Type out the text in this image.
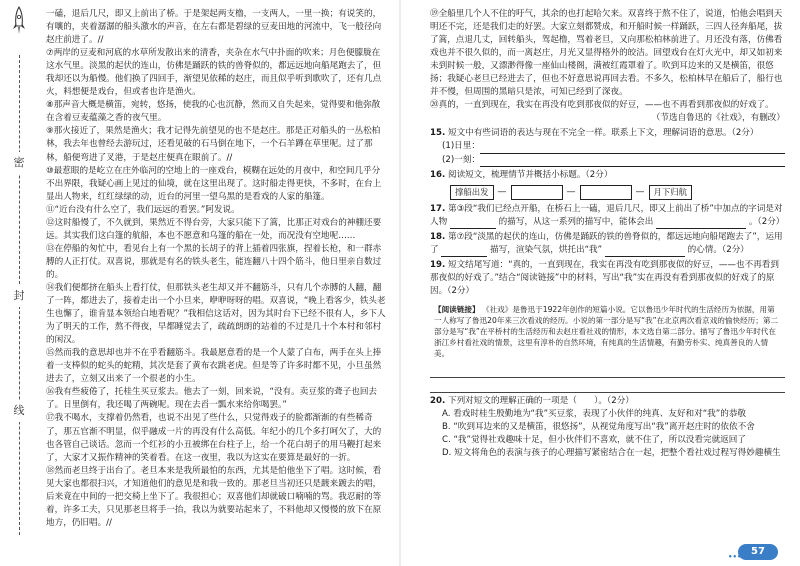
密
封
线

一磕，退后几尺，即又上前出了桥。于是架起两支橹，一支两人，一里一换；有说笑的，有嚷的，夹着潺潺的船头激水的声音，在左右都是碧绿的豆麦田地的河流中，飞一般径向赵庄前进了。//

⑦两岸的豆麦和河底的水草所发散出来的清香，夹杂在水气中扑面的吹来；月色便朦胧在这水气里。淡黑的起伏的连山，仿佛是踊跃的铁的兽脊似的，都远远地向船尾跑去了，但我却还以为船慢。他们换了四回手，渐望见依稀的赵庄，而且似乎听到歌吹了，还有几点火，料想便是戏台，但或者也许是渔火。

⑧那声音大概是横笛，宛转，悠扬，使我的心也沉静，然而又自失起来，觉得要和他弥散在含着豆麦蕴藻之香的夜气里。

⑨那火接近了，果然是渔火；我才记得先前望见的也不是赵庄。那是正对船头的一丛松柏林，我去年也曾经去游玩过，还看见破的石马倒在地下，一个石羊蹲在草里呢。过了那林，船便弯进了叉港，于是赵庄便真在眼前了。//

⑩最惹眼的是屹立在庄外临河的空地上的一座戏台，模糊在远处的月夜中，和空间几乎分不出界限，我疑心画上见过的仙境，就在这里出现了。这时船走得更快，不多时，在台上显出人物来，红红绿绿的动，近台的河里一望乌黑的是看戏的人家的船篷。

⑪“近台没有什么空了，我们远远的看罢。”阿发说。

⑫这时船慢了，不久就到，果然近不得台旁，大家只能下了篙，比那正对戏台的神棚还要远。其实我们这白篷的航船，本也不愿意和乌篷的船在一处，而况没有空地呢……

⑬在停船的匆忙中，看见台上有一个黑的长胡子的背上插着四张旗，捏着长枪，和一群赤膊的人正打仗。双喜说，那就是有名的铁头老生，能连翻八十四个筋斗，他日里亲自数过的。

⑭我们便都挤在船头上看打仗，但那铁头老生却又并不翻筋斗，只有几个赤膊的人翻，翻了一阵，都进去了，接着走出一个小旦来，咿咿呀呀的唱。双喜说，“晚上看客少，铁头老生也懈了，谁肯显本领给白地看呢？”我相信这话对，因为其时台下已经不很有人，乡下人为了明天的工作，熬不得夜，早都睡觉去了，疏疏朗朗的站着的不过是几十个本村和邻村的闲汉。

⑮然而我的意思却也并不在乎看翻筋斗。我最愿意看的是一个人蒙了白布，两手在头上捧着一支棒似的蛇头的蛇精，其次是套了黄布衣跳老虎。但是等了许多时都不见，小旦虽然进去了，立刻又出来了一个很老的小生。

⑯我有些疲倦了，托桂生买豆浆去。他去了一刻，回来说，“没有。卖豆浆的聋子也回去了。日里倒有，我还喝了两碗呢。现在去舀一瓢水来给你喝罢。”

⑰我不喝水，支撑着仍然看，也说不出见了些什么，只觉得戏子的脸都渐渐的有些稀奇了，那五官渐不明显，似乎融成一片的再没有什么高低。年纪小的几个多打呵欠了，大的也各管自己谈话。忽而一个红衫的小丑被绑在台柱子上，给一个花白胡子的用马鞭打起来了，大家才又振作精神的笑着看。在这一夜里，我以为这实在要算是最好的一折。

⑱然而老旦终于出台了。老旦本来是我所最怕的东西，尤其是怕他坐下了唱。这时候，看见大家也都很扫兴，才知道他们的意见是和我一致的。那老旦当初还只是踱来踱去的唱，后来竟在中间的一把交椅上坐下了。我很担心；双喜他们却就破口喃喃的骂。我忍耐的等着，许多工夫，只见那老旦将手一抬，我以为就要站起来了，不料他却又慢慢的放下在原地方，仍旧唱。//

⑲全船里几个人不住的吁气，其余的也打起哈欠来。双喜终于熬不住了，说道，怕他会唱到天明还不完，还是我们走的好罢。大家立刻都赞成，和开船时候一样踊跃，三四人径奔船尾，拔了篙，点退几丈，回转船头，驾起橹，骂着老旦，又向那松柏林前进了。月还没有落，仿佛看戏也并不很久似的，而一离赵庄，月光又显得格外的皎洁。回望戏台在灯火光中，却又如初来未到时候一般，又漂渺得像一座仙山楼阁，满被红霞罩着了。吹到耳边来的又是横笛，很悠扬；我疑心老旦已经进去了，但也不好意思说再回去看。不多久，松柏林早在船后了，船行也并不慢，但周围的黑暗只是浓，可知已经到了深夜。

⑳真的，一直到现在，我实在再没有吃到那夜似的好豆，——也不再看到那夜似的好戏了。

（节选自鲁迅的《社戏》，有删改）

15. 短文中有些词语的表达与现在不完全一样。联系上下文，理解词语的意思。（2分）
(1)日里：
(2)一刻：
16. 阅读短文，梳理情节并概括小标题。（2分）
撑船出发	—	—	—	月下归航
17. 第③段“我们已经点开船，在桥石上一磕，退后几尺，即又上前出了桥”中加点的字词是对人物	的描写，从这一系列的描写中，能体会出	。（2分）
18. 第⑦段“淡黑的起伏的连山，仿佛是踊跃的铁的兽脊似的，都远远地向船尾跑去了”，运用了	描写，渲染气氛，烘托出“我”	的心情。（2分）
19. 短文结尾写道：“真的，一直到现在，我实在再没有吃到那夜似的好豆，——也不再看到那夜似的好戏了。”结合“阅读链接”中的材料，写出“我”实在再没有看到那夜似的好戏了的原因。（2分）
【阅读链接】 《社戏》是鲁迅于1922年创作的短篇小说。它以鲁迅少年时代的生活经历为依据，用第一人称写了鲁迅20年来三次看戏的经历。小说的第一部分是写“我”在北京两次看京戏的愉快经历；第二部分是写“我”在平桥村的生活经历和去赵庄看社戏的情形，本文选自第二部分。描写了鲁迅少年时代在浙江乡村看社戏的情景，这里有淳朴的自然环境，有纯真的生活情趣，有勤劳朴实、纯真善良的人情美。
20. 下列对短文的理解正确的一项是（　　）。（2分）
A. 看戏时桂生殷勤地为“我”买豆浆，表现了小伙伴的纯真、友好和对“我”的恭敬
B. “吹到耳边来的又是横笛，很悠扬”，从视觉角度写出“我”离开赵庄时的依依不舍
C. “我”觉得社戏趣味十足，但小伙伴们不喜欢，就不住了，所以没看完就返回了
D. 短文将角色的表演与孩子的心理描写紧密结合在一起，把整个看社戏过程写得妙趣横生
••• 57
